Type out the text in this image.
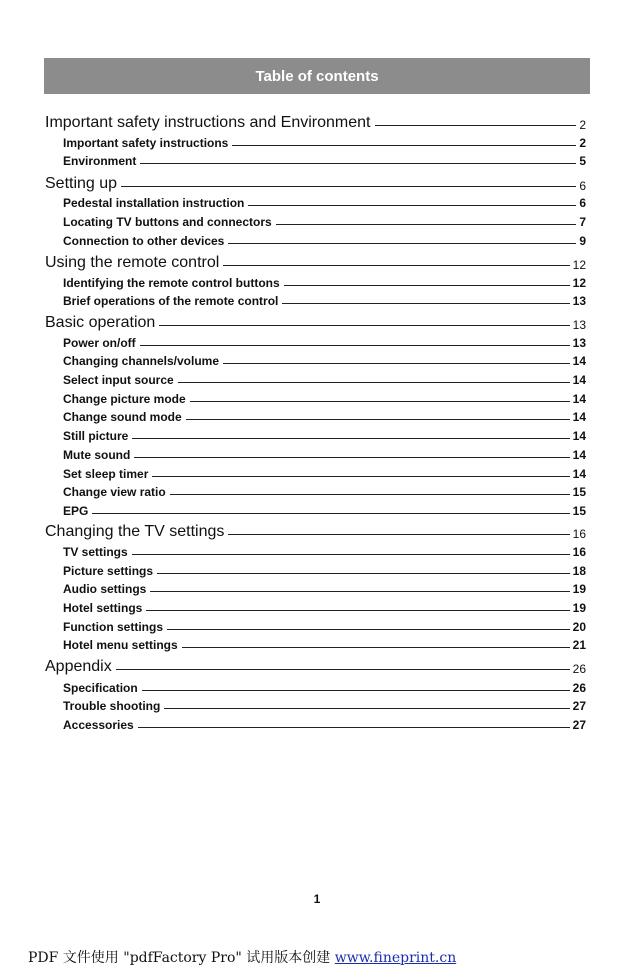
Table of contents
Important safety instructions and Environment	2
Important safety instructions	2
Environment	5
Setting up	6
Pedestal installation instruction	6
Locating TV buttons and connectors	7
Connection to other devices	9
Using the remote control	12
Identifying the remote control buttons	12
Brief operations of the remote control	13
Basic operation	13
Power on/off	13
Changing channels/volume	14
Select input source	14
Change picture mode	14
Change sound mode	14
Still picture	14
Mute sound	14
Set sleep timer	14
Change view ratio	15
EPG	15
Changing the TV settings	16
TV settings	16
Picture settings	18
Audio settings	19
Hotel settings	19
Function settings	20
Hotel menu settings	21
Appendix	26
Specification	26
Trouble shooting	27
Accessories	27
1
PDF 文件使用 "pdfFactory Pro" 试用版本创建 www.fineprint.cn
